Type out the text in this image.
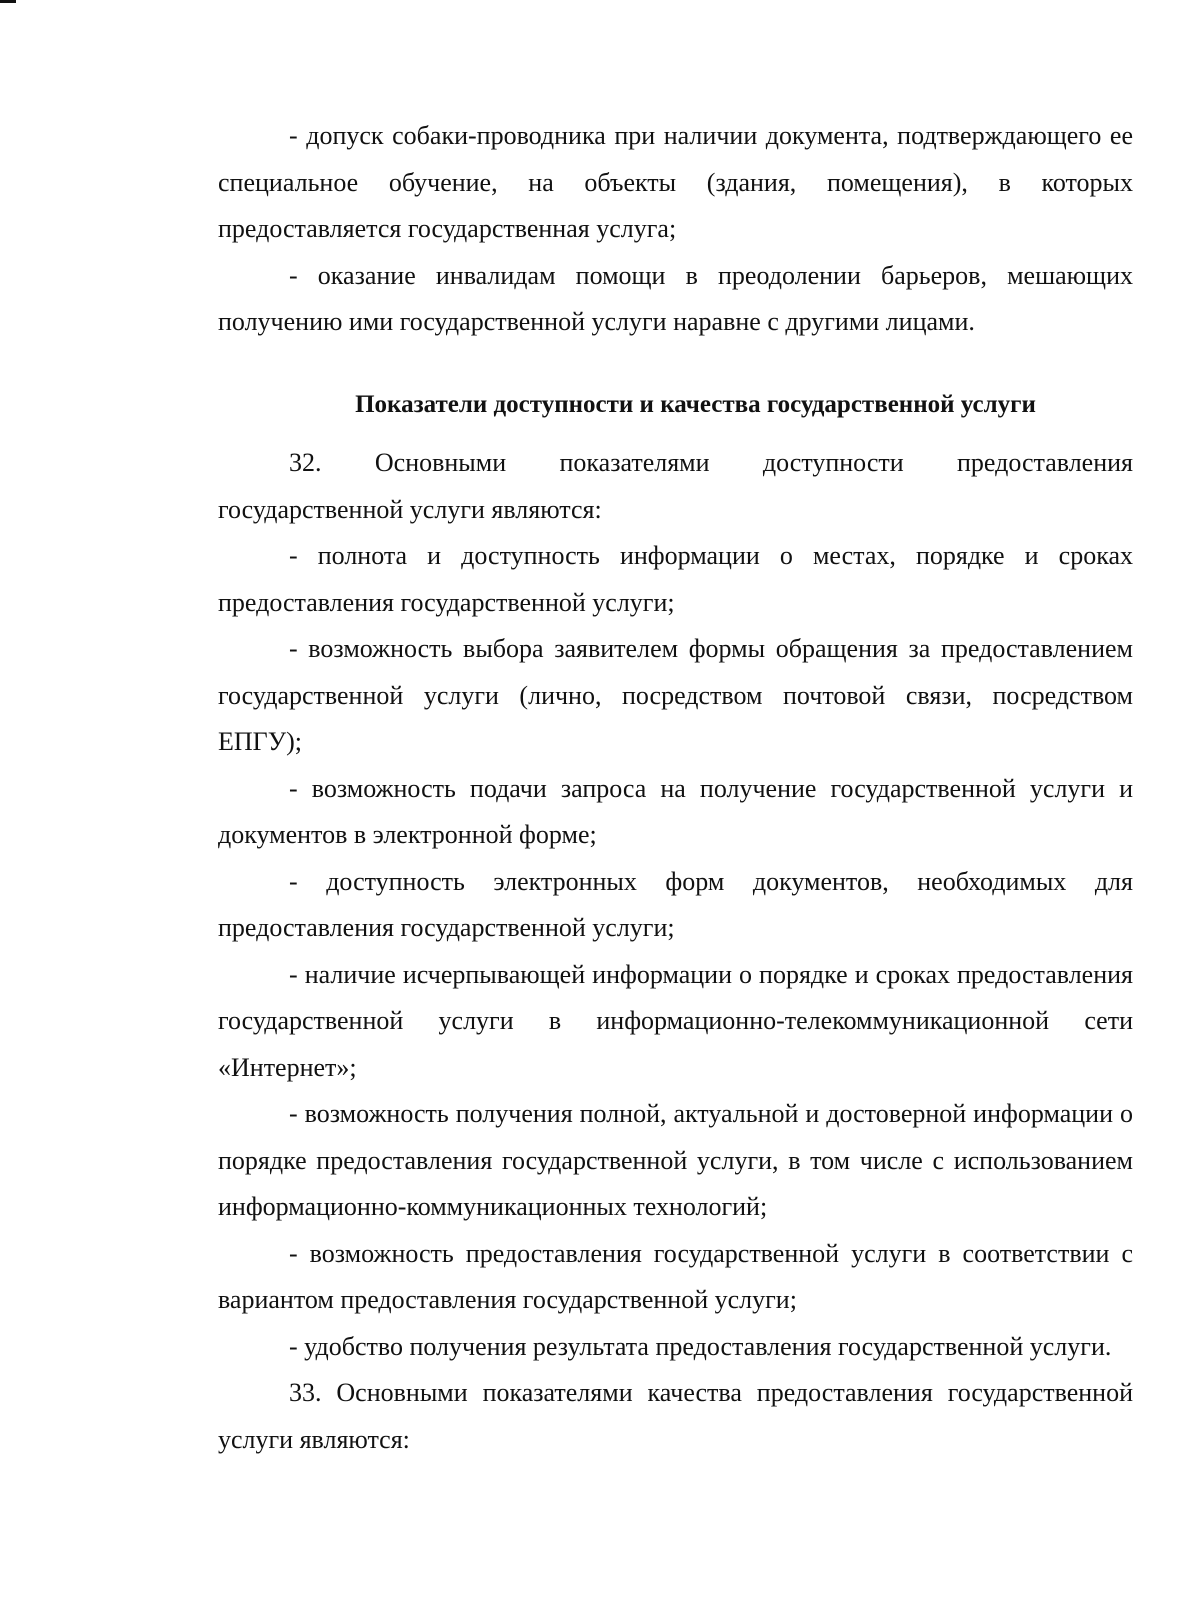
- допуск собаки-проводника при наличии документа, подтверждающего ее специальное обучение, на объекты (здания, помещения), в которых предоставляется государственная услуга;

- оказание инвалидам помощи в преодолении барьеров, мешающих получению ими государственной услуги наравне с другими лицами.

Показатели доступности и качества государственной услуги

32. Основными показателями доступности предоставления государственной услуги являются:

- полнота и доступность информации о местах, порядке и сроках предоставления государственной услуги;

- возможность выбора заявителем формы обращения за предоставлением государственной услуги (лично, посредством почтовой связи, посредством ЕПГУ);

- возможность подачи запроса на получение государственной услуги и документов в электронной форме;

- доступность электронных форм документов, необходимых для предоставления государственной услуги;

- наличие исчерпывающей информации о порядке и сроках предоставления государственной услуги в информационно-телекоммуникационной сети «Интернет»;

- возможность получения полной, актуальной и достоверной информации о порядке предоставления государственной услуги, в том числе с использованием информационно-коммуникационных технологий;

- возможность предоставления государственной услуги в соответствии с вариантом предоставления государственной услуги;

- удобство получения результата предоставления государственной услуги.

33. Основными показателями качества предоставления государственной услуги являются:
